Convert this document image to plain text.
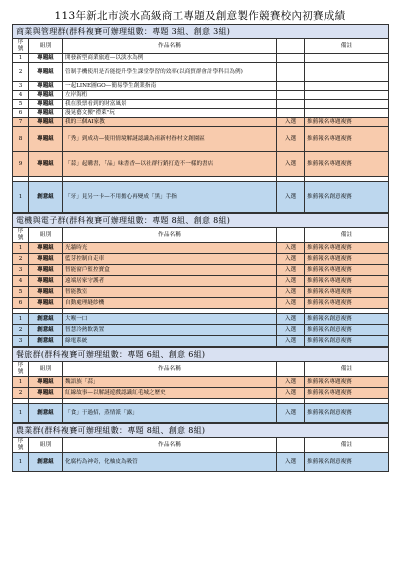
113年新北市淡水高級商工專題及創意製作競賽校內初賽成績
商業與管理群(群科複賽可辦理組數：專題 3組、創意 3組)				
序號	組別	作品名稱		備註
1	專題組	開發新型商業旅遊—以淡水為例		
2	專題組	管制手機使用是否能提升學生課堂學習的效率(以商貿群會計學科目為例)		
3	專題組	一起LINE圖GO—簡易學生創業指南		
4	專題組	左岸海桁		
5	專題組	我在股票看到的財富風景		
6	專題組	漫晃藝文搬"禮萊"玩		
7	專題組	我的三個AI家教	入選	推薦報名專題複賽
8	專題組	「秀」到成功—使用情境解謎認識為祖新村眷村文創園區	入選	推薦報名專題複賽
9	專題組	「蒜」起購書，「品」味書香—以社群行銷打造不一樣的書店	入選	推薦報名專題複賽

1	創意組	「牙」見另一卡—不用擔心再變成「黑」手指	入選	推薦報名創意複賽
電機與電子群(群科複賽可辦理組數：專題 8組、創意 8組)				
序號	組別	作品名稱		備註
1	專題組	光牆時光	入選	推薦報名專題複賽
2	專題組	藍芽控制自走車	入選	推薦報名專題複賽
3	專題組	智能窗戶監控寶盒	入選	推薦報名專題複賽
4	專題組	遠端居家守護者	入選	推薦報名專題複賽
5	專題組	智能教室	入選	推薦報名專題複賽
6	專題組	自動處理縫紗機	入選	推薦報名專題複賽

1	創意組	大喉一口	入選	推薦報名創意複賽
2	創意組	智慧冷熱飲裝置	入選	推薦報名創意複賽
3	創意組	綠電系統	入選	推薦報名創意複賽
餐旅群(群科複賽可辦理組數：專題 6組、創意 6組)				
序號	組別	作品名稱		備註
1	專題組	魏語族「蒜」	入選	推薦報名專題複賽
2	專題組	紅線故事—以解謎遊戲認識紅毛城之歷史	入選	推薦報名專題複賽

1	創意組	「食」于過招，蒸情派「露」	入選	推薦報名創意複賽
農業群(群科複賽可辦理組數：專題 8組、創意 8組)				
序號	組別	作品名稱		備註
1	創意組	化腐朽為神奇，化柚皮為吸管	入選	推薦報名創意複賽
